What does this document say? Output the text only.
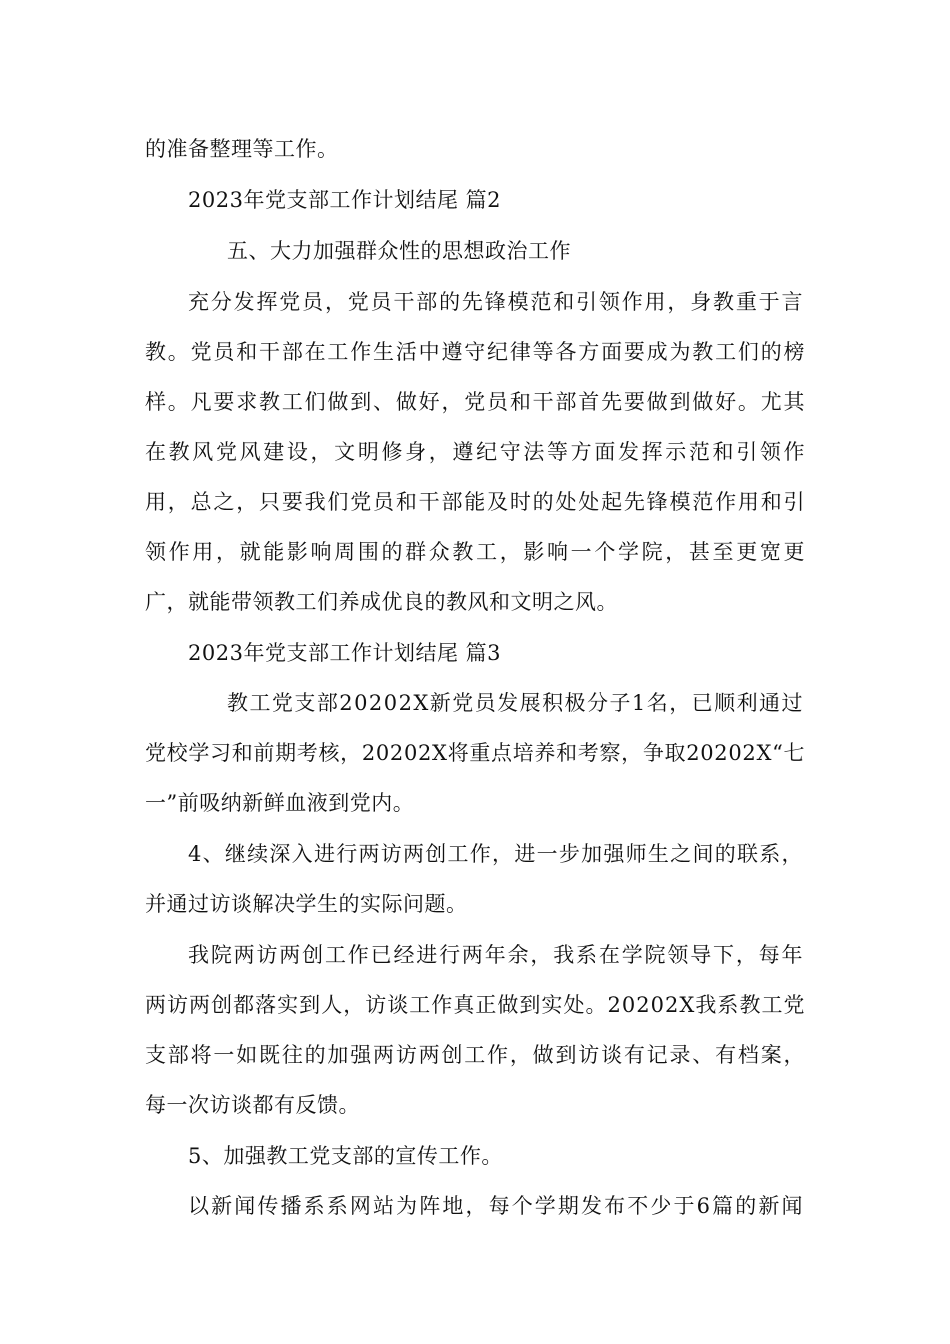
的准备整理等工作。
2023年党支部工作计划结尾 篇2
五、大力加强群众性的思想政治工作
充分发挥党员，党员干部的先锋模范和引领作用，身教重于言
教。党员和干部在工作生活中遵守纪律等各方面要成为教工们的榜
样。凡要求教工们做到、做好，党员和干部首先要做到做好。尤其
在教风党风建设，文明修身，遵纪守法等方面发挥示范和引领作
用，总之，只要我们党员和干部能及时的处处起先锋模范作用和引
领作用，就能影响周围的群众教工，影响一个学院，甚至更宽更
广，就能带领教工们养成优良的教风和文明之风。
2023年党支部工作计划结尾 篇3
教工党支部20202X新党员发展积极分子1名，已顺利通过
党校学习和前期考核，20202X将重点培养和考察，争取20202X“七
一”前吸纳新鲜血液到党内。
4、继续深入进行两访两创工作，进一步加强师生之间的联系，
并通过访谈解决学生的实际问题。
我院两访两创工作已经进行两年余，我系在学院领导下，每年
两访两创都落实到人，访谈工作真正做到实处。20202X我系教工党
支部将一如既往的加强两访两创工作，做到访谈有记录、有档案，
每一次访谈都有反馈。
5、加强教工党支部的宣传工作。
以新闻传播系系网站为阵地，每个学期发布不少于6篇的新闻
